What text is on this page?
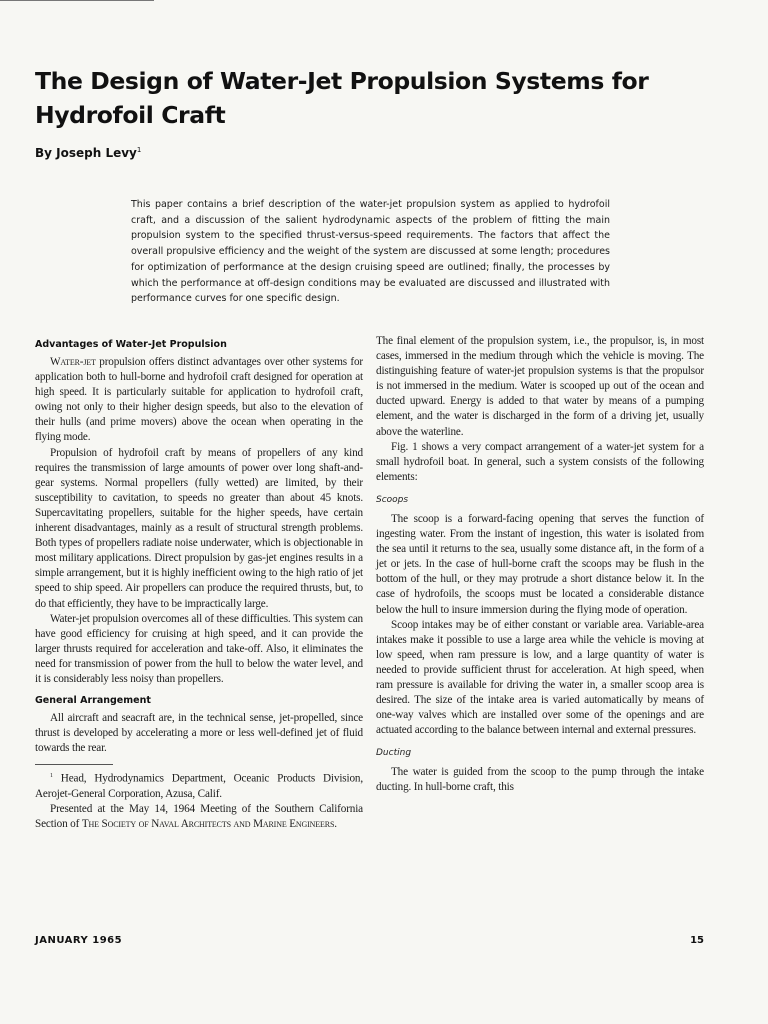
The Design of Water-Jet Propulsion Systems for Hydrofoil Craft

By Joseph Levy$^1$

This paper contains a brief description of the water-jet propulsion system as applied to hydrofoil craft, and a discussion of the salient hydrodynamic aspects of the problem of fitting the main propulsion system to the specified thrust-versus-speed requirements. The factors that affect the overall propulsive efficiency and the weight of the system are discussed at some length; procedures for optimization of performance at the design cruising speed are outlined; finally, the processes by which the performance at off-design conditions may be evaluated are discussed and illustrated with performance curves for one specific design.

Advantages of Water-Jet Propulsion

Water-jet propulsion offers distinct advantages over other systems for application both to hull-borne and hydrofoil craft designed for operation at high speed. It is particularly suitable for application to hydrofoil craft, owing not only to their higher design speeds, but also to the elevation of their hulls (and prime movers) above the ocean when operating in the flying mode.

Propulsion of hydrofoil craft by means of propellers of any kind requires the transmission of large amounts of power over long shaft-and-gear systems. Normal propellers (fully wetted) are limited, by their susceptibility to cavitation, to speeds no greater than about 45 knots. Supercavitating propellers, suitable for the higher speeds, have certain inherent disadvantages, mainly as a result of structural strength problems. Both types of propellers radiate noise underwater, which is objectionable in most military applications. Direct propulsion by gas-jet engines results in a simple arrangement, but it is highly inefficient owing to the high ratio of jet speed to ship speed. Air propellers can produce the required thrusts, but, to do that efficiently, they have to be impractically large.

Water-jet propulsion overcomes all of these difficulties. This system can have good efficiency for cruising at high speed, and it can provide the larger thrusts required for acceleration and take-off. Also, it eliminates the need for transmission of power from the hull to below the water level, and it is considerably less noisy than propellers.

General Arrangement

All aircraft and seacraft are, in the technical sense, jet-propelled, since thrust is developed by accelerating a more or less well-defined jet of fluid towards the rear.

$^1$ Head, Hydrodynamics Department, Oceanic Products Division, Aerojet-General Corporation, Azusa, Calif.

Presented at the May 14, 1964 Meeting of the Southern California Section of The Society of Naval Architects and Marine Engineers.

The final element of the propulsion system, i.e., the propulsor, is, in most cases, immersed in the medium through which the vehicle is moving. The distinguishing feature of water-jet propulsion systems is that the propulsor is not immersed in the medium. Water is scooped up out of the ocean and ducted upward. Energy is added to that water by means of a pumping element, and the water is discharged in the form of a driving jet, usually above the waterline.

Fig. 1 shows a very compact arrangement of a water-jet system for a small hydrofoil boat. In general, such a system consists of the following elements:

Scoops

The scoop is a forward-facing opening that serves the function of ingesting water. From the instant of ingestion, this water is isolated from the sea until it returns to the sea, usually some distance aft, in the form of a jet or jets. In the case of hull-borne craft the scoops may be flush in the bottom of the hull, or they may protrude a short distance below it. In the case of hydrofoils, the scoops must be located a considerable distance below the hull to insure immersion during the flying mode of operation.

Scoop intakes may be of either constant or variable area. Variable-area intakes make it possible to use a large area while the vehicle is moving at low speed, when ram pressure is low, and a large quantity of water is needed to provide sufficient thrust for acceleration. At high speed, when ram pressure is available for driving the water in, a smaller scoop area is desired. The size of the intake area is varied automatically by means of one-way valves which are installed over some of the openings and are actuated according to the balance between internal and external pressures.

Ducting

The water is guided from the scoop to the pump through the intake ducting. In hull-borne craft, this

JANUARY 1965	15
